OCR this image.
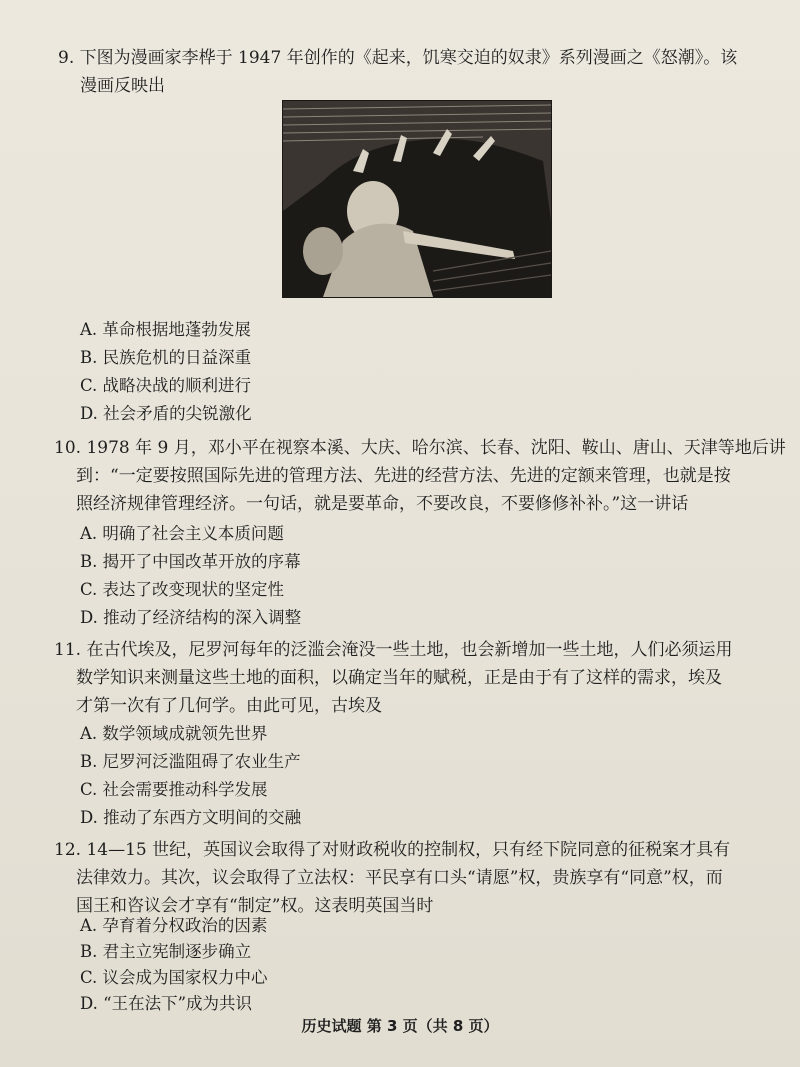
9. 下图为漫画家李桦于 1947 年创作的《起来，饥寒交迫的奴隶》系列漫画之《怒潮》。该
漫画反映出
A. 革命根据地蓬勃发展
B. 民族危机的日益深重
C. 战略决战的顺利进行
D. 社会矛盾的尖锐激化
10. 1978 年 9 月，邓小平在视察本溪、大庆、哈尔滨、长春、沈阳、鞍山、唐山、天津等地后讲
到：“一定要按照国际先进的管理方法、先进的经营方法、先进的定额来管理，也就是按
照经济规律管理经济。一句话，就是要革命，不要改良，不要修修补补。”这一讲话
A. 明确了社会主义本质问题
B. 揭开了中国改革开放的序幕
C. 表达了改变现状的坚定性
D. 推动了经济结构的深入调整
11. 在古代埃及，尼罗河每年的泛滥会淹没一些土地，也会新增加一些土地，人们必须运用
数学知识来测量这些土地的面积，以确定当年的赋税，正是由于有了这样的需求，埃及
才第一次有了几何学。由此可见，古埃及
A. 数学领域成就领先世界
B. 尼罗河泛滥阻碍了农业生产
C. 社会需要推动科学发展
D. 推动了东西方文明间的交融
12. 14—15 世纪，英国议会取得了对财政税收的控制权，只有经下院同意的征税案才具有
法律效力。其次，议会取得了立法权：平民享有口头“请愿”权，贵族享有“同意”权，而
国王和咨议会才享有“制定”权。这表明英国当时
A. 孕育着分权政治的因素
B. 君主立宪制逐步确立
C. 议会成为国家权力中心
D. “王在法下”成为共识
历史试题 第 3 页（共 8 页）
